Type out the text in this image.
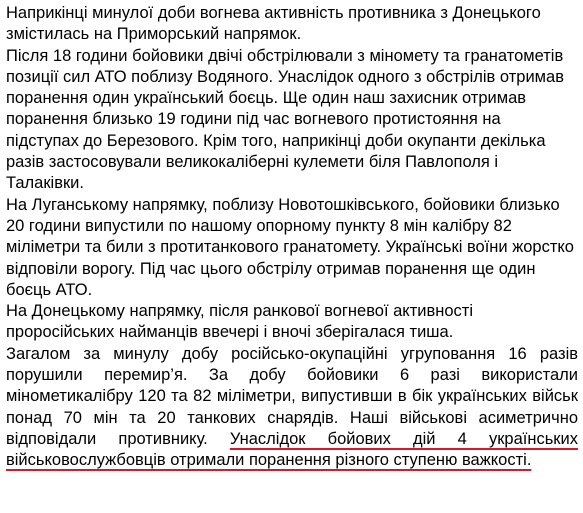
Наприкінці минулої доби вогнева активність противника з Донецького змістилась на Приморський напрямок.

Після 18 години бойовики двічі обстрілювали з міномету та гранатометів позиції сил АТО поблизу Водяного. Унаслідок одного з обстрілів отримав поранення один український боєць. Ще один наш захисник отримав поранення близько 19 години під час вогневого протистояння на підступах до Березового. Крім того, наприкінці доби окупанти декілька разів застосовували великокаліберні кулемети біля Павлополя і Талаківки.

На Луганському напрямку, поблизу Новотошківського, бойовики близько 20 години випустили по нашому опорному пункту 8 мін калібру 82 міліметри та били з протитанкового гранатомету. Українські воїни жорстко відповіли ворогу. Під час цього обстрілу отримав поранення ще один боєць АТО.

На Донецькому напрямку, після ранкової вогневої активності проросійських найманців ввечері і вночі зберігалася тиша.

Загалом за минулу добу російсько-окупаційні угруповання 16 разів порушили перемир’я. За добу бойовики 6 разі використали мінометикалібру 120 та 82 міліметри, випустивши в бік українських військ понад 70 мін та 20 танкових снарядів. Наші військові асиметрично відповідали противнику. Унаслідок бойових дій 4 українських військовослужбовців отримали поранення різного ступеню важкості.
